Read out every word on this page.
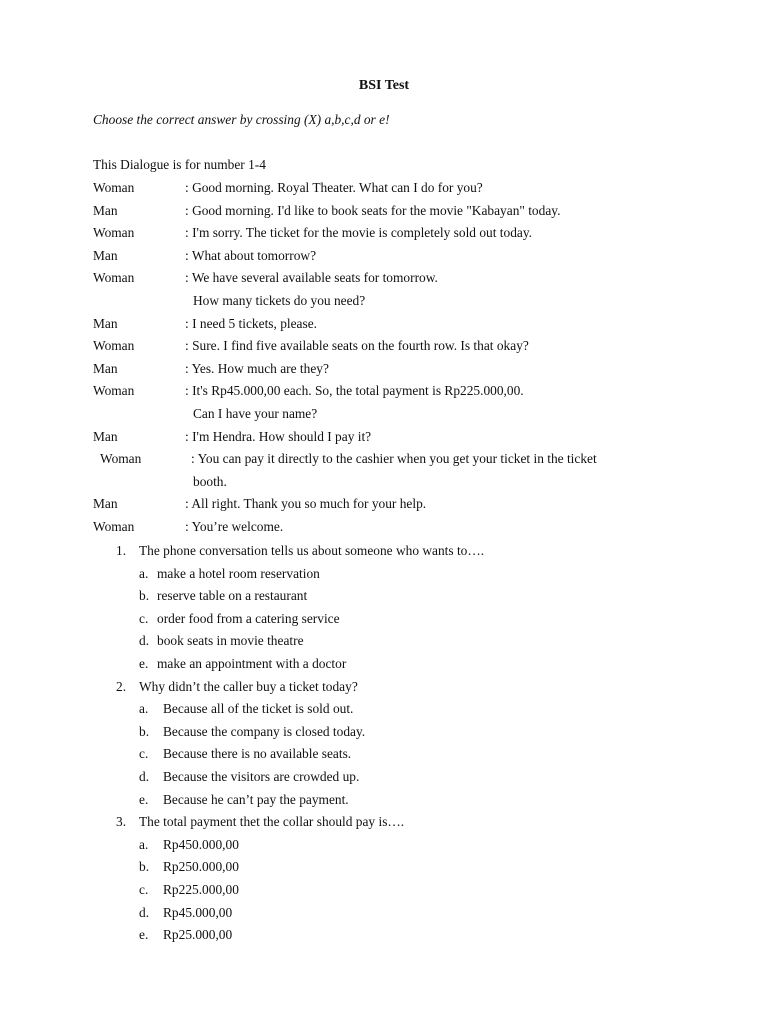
BSI Test
Choose the correct answer by crossing (X) a,b,c,d or e!
This Dialogue is for number 1-4
Woman	: Good morning. Royal Theater. What can I do for you?
Man	: Good morning. I'd like to book seats for the movie "Kabayan" today.
Woman	: I'm sorry. The ticket for the movie is completely sold out today.
Man	: What about tomorrow?
Woman	: We have several available seats for tomorrow.
How many tickets do you need?
Man	: I need 5 tickets, please.
Woman	: Sure. I find five available seats on the fourth row. Is that okay?
Man	: Yes. How much are they?
Woman	: It's Rp45.000,00 each. So, the total payment is Rp225.000,00.
Can I have your name?
Man	: I'm Hendra. How should I pay it?
Woman	: You can pay it directly to the cashier when you get your ticket in the ticket
booth.
Man	: All right. Thank you so much for your help.
Woman	: You’re welcome.
1. The phone conversation tells us about someone who wants to….
a. make a hotel room reservation
b. reserve table on a restaurant
c. order food from a catering service
d. book seats in movie theatre
e. make an appointment with a doctor
2. Why didn’t the caller buy a ticket today?
a. Because all of the ticket is sold out.
b. Because the company is closed today.
c. Because there is no available seats.
d. Because the visitors are crowded up.
e. Because he can’t pay the payment.
3. The total payment thet the collar should pay is….
a. Rp450.000,00
b. Rp250.000,00
c. Rp225.000,00
d. Rp45.000,00
e. Rp25.000,00
